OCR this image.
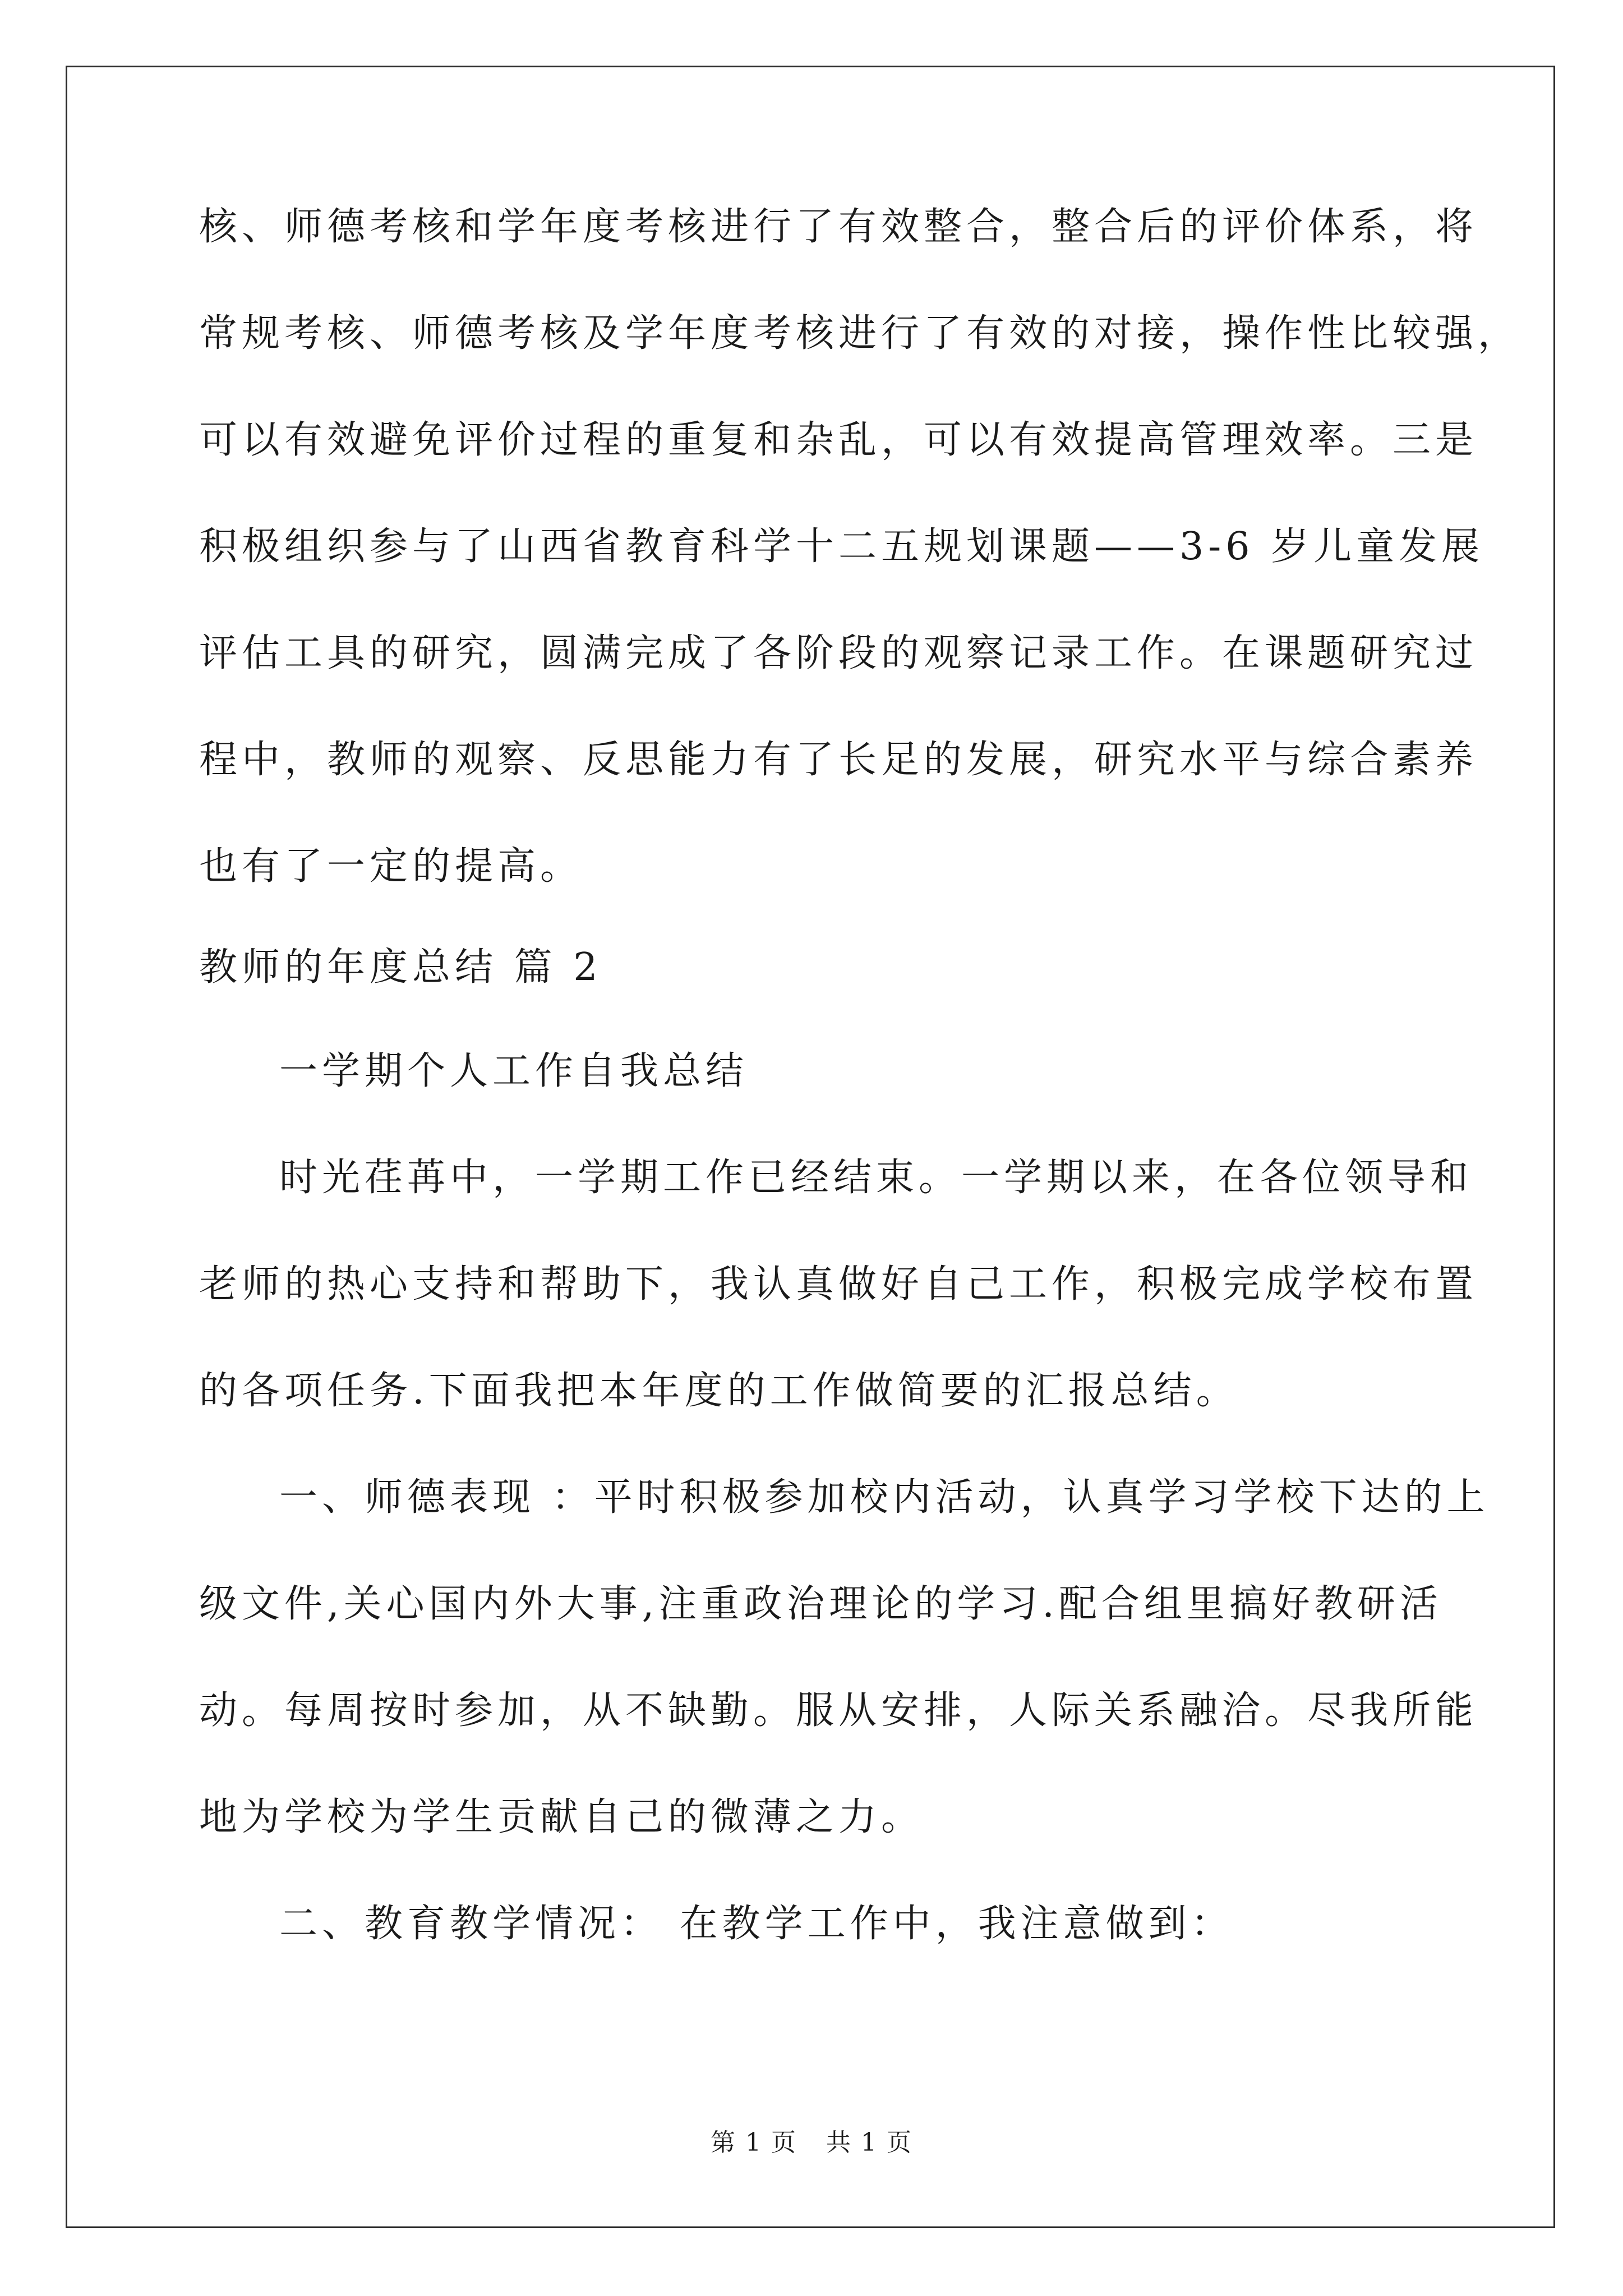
核、师德考核和学年度考核进行了有效整合，整合后的评价体系，将

常规考核、师德考核及学年度考核进行了有效的对接，操作性比较强，

可以有效避免评价过程的重复和杂乱，可以有效提高管理效率。三是

积极组织参与了山西省教育科学十二五规划课题——3-6 岁儿童发展

评估工具的研究，圆满完成了各阶段的观察记录工作。在课题研究过

程中，教师的观察、反思能力有了长足的发展，研究水平与综合素养

也有了一定的提高。

教师的年度总结 篇 2

一学期个人工作自我总结

时光荏苒中，一学期工作已经结束。一学期以来，在各位领导和

老师的热心支持和帮助下，我认真做好自己工作，积极完成学校布置

的各项任务.下面我把本年度的工作做简要的汇报总结。

一、师德表现 ：平时积极参加校内活动，认真学习学校下达的上

级文件,关心国内外大事,注重政治理论的学习.配合组里搞好教研活

动。每周按时参加，从不缺勤。服从安排，人际关系融洽。尽我所能

地为学校为学生贡献自己的微薄之力。

二、教育教学情况： 在教学工作中，我注意做到：

第 1 页 共 1 页
